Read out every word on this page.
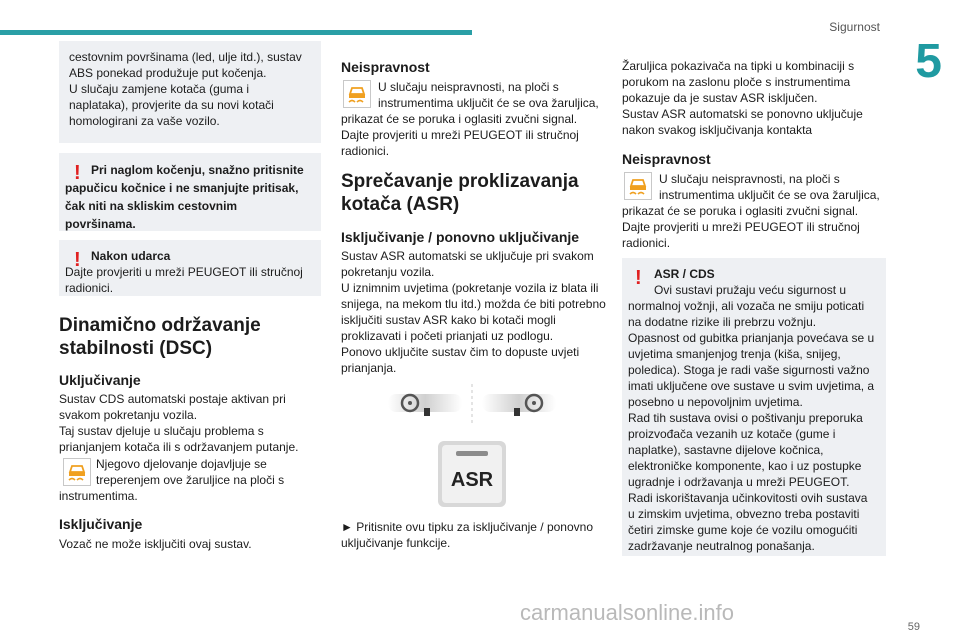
Sigurnost
5
59

cestovnim površinama (led, ulje itd.), sustav ABS ponekad produžuje put kočenja.
U slučaju zamjene kotača (guma i naplataka), provjerite da su novi kotači homologirani za vaše vozilo.

! Pri naglom kočenju, snažno pritisnite papučicu kočnice i ne smanjujte pritisak, čak niti na skliskim cestovnim površinama.

! Nakon udarca
Dajte provjeriti u mreži PEUGEOT ili stručnoj radionici.

Dinamično održavanje
stabilnosti (DSC)
Uključivanje

Sustav CDS automatski postaje aktivan pri svakom pokretanju vozila.
Taj sustav djeluje u slučaju problema s prianjanjem kotača ili s održavanjem putanje.

Njegovo djelovanje dojavljuje se

treperenjem ove žaruljice na ploči s

instrumentima.

Isključivanje

Vozač ne može isključiti ovaj sustav.

Neispravnost

U slučaju neispravnosti, na ploči s

instrumentima uključit će se ova žaruljica,

prikazat će se poruka i oglasiti zvučni signal.
Dajte provjeriti u mreži PEUGEOT ili stručnoj radionici.

Sprečavanje proklizavanja
kotača (ASR)
Isključivanje / ponovno uključivanje

Sustav ASR automatski se uključuje pri svakom pokretanju vozila.
U iznimnim uvjetima (pokretanje vozila iz blata ili snijega, na mekom tlu itd.) možda će biti potrebno isključiti sustav ASR kako bi kotači mogli proklizavati i početi prianjati uz podlogu.
Ponovo uključite sustav čim to dopuste uvjeti prianjanja.

ASR

► Pritisnite ovu tipku za isključivanje / ponovno uključivanje funkcije.

Žaruljica pokazivača na tipki u kombinaciji s porukom na zaslonu ploče s instrumentima pokazuje da je sustav ASR isključen.
Sustav ASR automatski se ponovno uključuje nakon svakog isključivanja kontakta

Neispravnost

U slučaju neispravnosti, na ploči s

instrumentima uključit će se ova žaruljica,

prikazat će se poruka i oglasiti zvučni signal.
Dajte provjeriti u mreži PEUGEOT ili stručnoj radionici.

!	ASR / CDS
Ovi sustavi pružaju veću sigurnost u normalnoj vožnji, ali vozača ne smiju poticati na dodatne rizike ili prebrzu vožnju.
Opasnost od gubitka prianjanja povećava se u uvjetima smanjenjog trenja (kiša, snijeg, poledica). Stoga je radi vaše sigurnosti važno imati uključene ove sustave u svim uvjetima, a posebno u nepovoljnim uvjetima.
Rad tih sustava ovisi o poštivanju preporuka proizvođača vezanih uz kotače (gume i naplatke), sastavne dijelove kočnica, elektroničke komponente, kao i uz postupke ugradnje i održavanja u mreži PEUGEOT.
Radi iskorištavanja učinkovitosti ovih sustava u zimskim uvjetima, obvezno treba postaviti četiri zimske gume koje će vozilu omogućiti zadržavanje neutralnog ponašanja.

carmanualsonline.info
